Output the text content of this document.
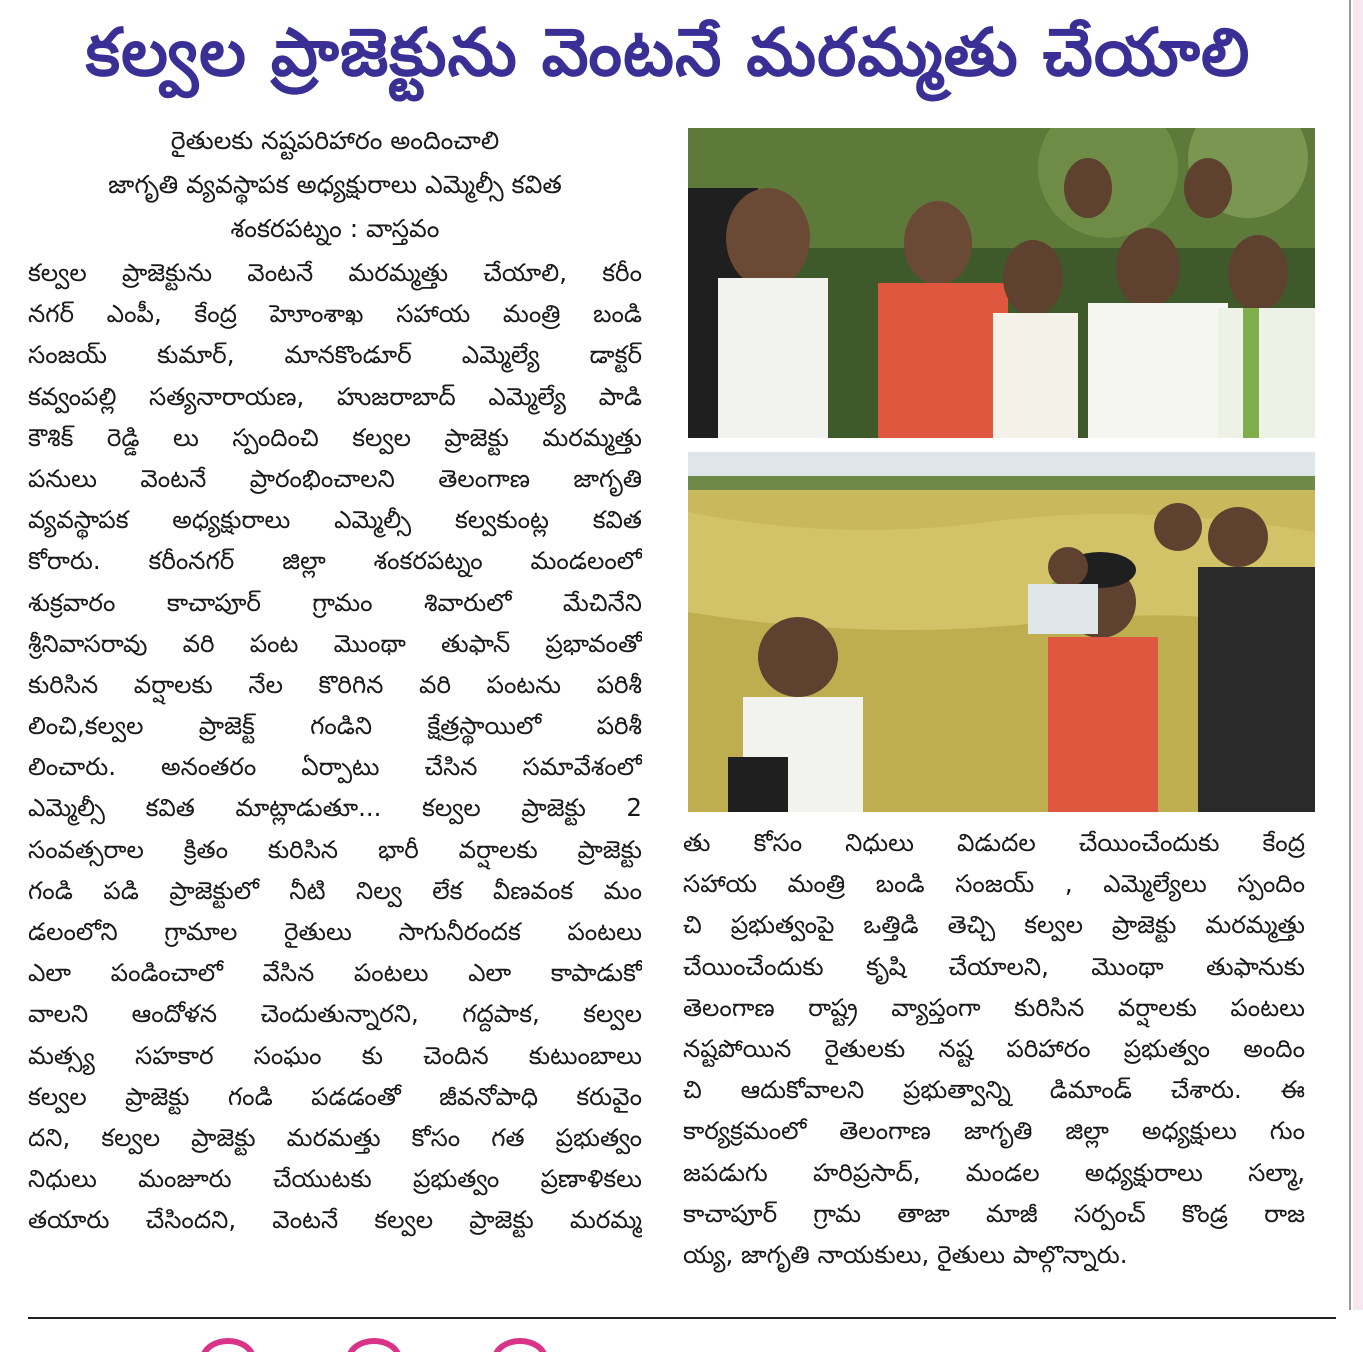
కల్వల ప్రాజెక్టును వెంటనే మరమ్మతు చేయాలి
రైతులకు నష్టపరిహారం అందించాలి
జాగృతి వ్యవస్థాపక అధ్యక్షురాలు ఎమ్మెల్సీ కవిత
శంకరపట్నం : వాస్తవం
కల్వల ప్రాజెక్టును వెంటనే మరమ్మత్తు చేయాలి, కరీం
నగర్ ఎంపీ, కేంద్ర హెూంశాఖ సహాయ మంత్రి బండి
సంజయ్ కుమార్, మానకొండూర్ ఎమ్మెల్యే డాక్టర్
కవ్వంపల్లి సత్యనారాయణ, హుజరాబాద్ ఎమ్మెల్యే పాడి
కౌశిక్ రెడ్డి లు స్పందించి కల్వల ప్రాజెక్టు మరమ్మత్తు
పనులు వెంటనే ప్రారంభించాలని తెలంగాణ జాగృతి
వ్యవస్థాపక అధ్యక్షురాలు ఎమ్మెల్సీ కల్వకుంట్ల కవిత
కోరారు. కరీంనగర్ జిల్లా శంకరపట్నం మండలంలో
శుక్రవారం కాచాపూర్ గ్రామం శివారులో మేచినేని
శ్రీనివాసరావు వరి పంట మొంథా తుఫాన్ ప్రభావంతో
కురిసిన వర్షాలకు నేల కొరిగిన వరి పంటను పరిశీ
లించి,కల్వల ప్రాజెక్ట్ గండిని క్షేత్రస్థాయిలో పరిశీ
లించారు. అనంతరం ఏర్పాటు చేసిన సమావేశంలో
ఎమ్మెల్సీ కవిత మాట్లాడుతూ... కల్వల ప్రాజెక్టు 2
సంవత్సరాల క్రితం కురిసిన భారీ వర్షాలకు ప్రాజెక్టు
గండి పడి ప్రాజెక్టులో నీటి నిల్వ లేక వీణవంక మం
డలంలోని గ్రామాల రైతులు సాగునీరందక పంటలు
ఎలా పండించాలో వేసిన పంటలు ఎలా కాపాడుకో
వాలని ఆందోళన చెందుతున్నారని, గద్దపాక, కల్వల
మత్స్య సహకార సంఘం కు చెందిన కుటుంబాలు
కల్వల ప్రాజెక్టు గండి పడడంతో జీవనోపాధి కరువైం
దని, కల్వల ప్రాజెక్టు మరమత్తు కోసం గత ప్రభుత్వం
నిధులు మంజూరు చేయుటకు ప్రభుత్వం ప్రణాళికలు
తయారు చేసిందని, వెంటనే కల్వల ప్రాజెక్టు మరమ్మ
తు కోసం నిధులు విడుదల చేయించేందుకు కేంద్ర
సహాయ మంత్రి బండి సంజయ్ , ఎమ్మెల్యేలు స్పందిం
చి ప్రభుత్వంపై ఒత్తిడి తెచ్చి కల్వల ప్రాజెక్టు మరమ్మత్తు
చేయించేందుకు కృషి చేయాలని, మొంథా తుఫానుకు
తెలంగాణ రాష్ట్ర వ్యాప్తంగా కురిసిన వర్షాలకు పంటలు
నష్టపోయిన రైతులకు నష్ట పరిహారం ప్రభుత్వం అందిం
చి ఆదుకోవాలని ప్రభుత్వాన్ని డిమాండ్ చేశారు. ఈ
కార్యక్రమంలో తెలంగాణ జాగృతి జిల్లా అధ్యక్షులు గుం
జపడుగు హరిప్రసాద్, మండల అధ్యక్షురాలు సల్మా,
కాచాపూర్ గ్రామ తాజా మాజీ సర్పంచ్ కొండ్ర రాజ
య్య, జాగృతి నాయకులు, రైతులు పాల్గొన్నారు.
